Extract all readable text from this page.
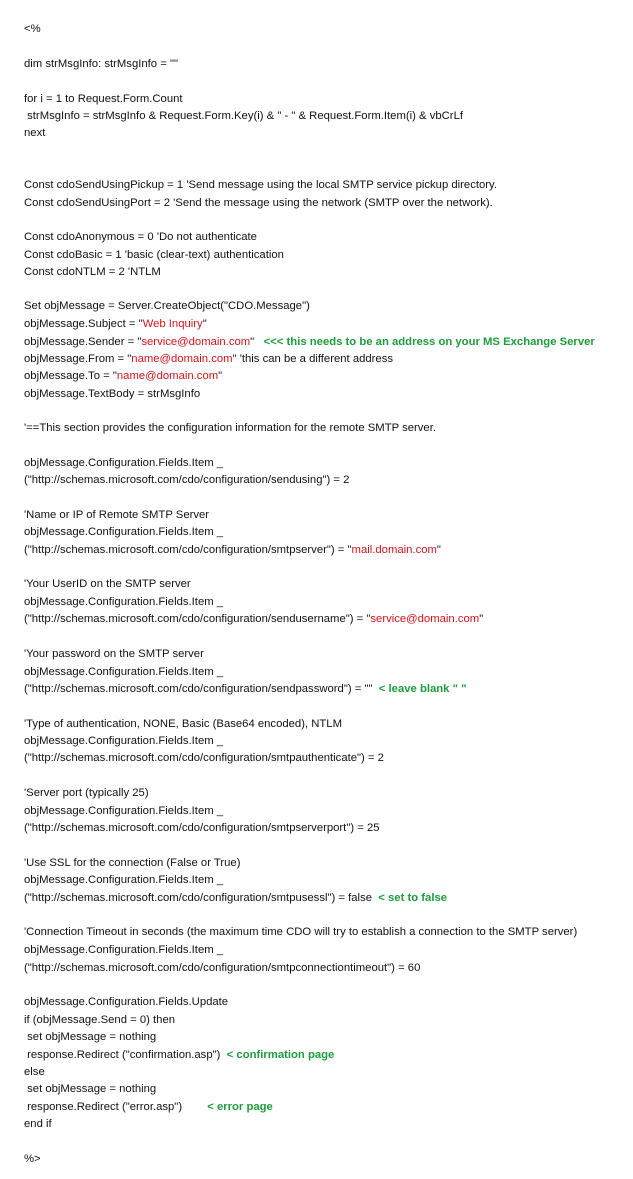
<%
dim strMsgInfo: strMsgInfo = ""
for i = 1 to Request.Form.Count
strMsgInfo = strMsgInfo & Request.Form.Key(i) & " - " & Request.Form.Item(i) & vbCrLf
next
Const cdoSendUsingPickup = 1 'Send message using the local SMTP service pickup directory.
Const cdoSendUsingPort = 2 'Send the message using the network (SMTP over the network).
Const cdoAnonymous = 0 'Do not authenticate
Const cdoBasic = 1 'basic (clear-text) authentication
Const cdoNTLM = 2 'NTLM
Set objMessage = Server.CreateObject("CDO.Message")
objMessage.Subject = "Web Inquiry"
objMessage.Sender = "service@domain.com"   <<< this needs to be an address on your MS Exchange Server
objMessage.From = "name@domain.com" 'this can be a different address
objMessage.To = "name@domain.com"
objMessage.TextBody = strMsgInfo
'==This section provides the configuration information for the remote SMTP server.
objMessage.Configuration.Fields.Item _
("http://schemas.microsoft.com/cdo/configuration/sendusing") = 2
'Name or IP of Remote SMTP Server
objMessage.Configuration.Fields.Item _
("http://schemas.microsoft.com/cdo/configuration/smtpserver") = "mail.domain.com"
'Your UserID on the SMTP server
objMessage.Configuration.Fields.Item _
("http://schemas.microsoft.com/cdo/configuration/sendusername") = "service@domain.com"
'Your password on the SMTP server
objMessage.Configuration.Fields.Item _
("http://schemas.microsoft.com/cdo/configuration/sendpassword") = ""  < leave blank " "
'Type of authentication, NONE, Basic (Base64 encoded), NTLM
objMessage.Configuration.Fields.Item _
("http://schemas.microsoft.com/cdo/configuration/smtpauthenticate") = 2
'Server port (typically 25)
objMessage.Configuration.Fields.Item _
("http://schemas.microsoft.com/cdo/configuration/smtpserverport") = 25
'Use SSL for the connection (False or True)
objMessage.Configuration.Fields.Item _
("http://schemas.microsoft.com/cdo/configuration/smtpusessl") = false  < set to false
'Connection Timeout in seconds (the maximum time CDO will try to establish a connection to the SMTP server)
objMessage.Configuration.Fields.Item _
("http://schemas.microsoft.com/cdo/configuration/smtpconnectiontimeout") = 60
objMessage.Configuration.Fields.Update
if (objMessage.Send = 0) then
set objMessage = nothing
response.Redirect ("confirmation.asp")  < confirmation page
else
set objMessage = nothing
response.Redirect ("error.asp")        < error page
end if
%>
